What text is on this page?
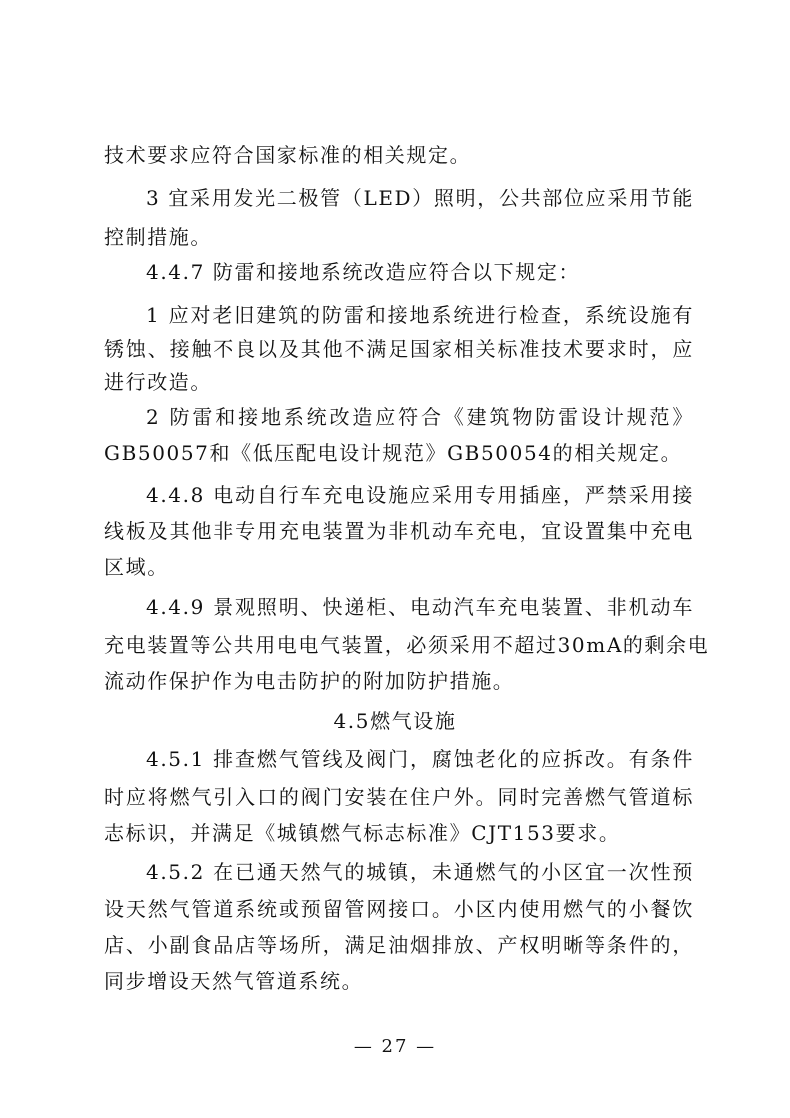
技术要求应符合国家标准的相关规定。
3 宜采用发光二极管（LED）照明，公共部位应采用节能
控制措施。
4.4.7 防雷和接地系统改造应符合以下规定：
1 应对老旧建筑的防雷和接地系统进行检查，系统设施有
锈蚀、接触不良以及其他不满足国家相关标准技术要求时，应
进行改造。
2 防雷和接地系统改造应符合《建筑物防雷设计规范》
GB50057和《低压配电设计规范》GB50054的相关规定。
4.4.8 电动自行车充电设施应采用专用插座，严禁采用接
线板及其他非专用充电装置为非机动车充电，宜设置集中充电
区域。
4.4.9 景观照明、快递柜、电动汽车充电装置、非机动车
充电装置等公共用电电气装置，必须采用不超过30mA的剩余电
流动作保护作为电击防护的附加防护措施。
4.5燃气设施
4.5.1 排查燃气管线及阀门，腐蚀老化的应拆改。有条件
时应将燃气引入口的阀门安装在住户外。同时完善燃气管道标
志标识，并满足《城镇燃气标志标准》CJT153要求。
4.5.2 在已通天然气的城镇，未通燃气的小区宜一次性预
设天然气管道系统或预留管网接口。小区内使用燃气的小餐饮
店、小副食品店等场所，满足油烟排放、产权明晰等条件的，
同步增设天然气管道系统。
— 27 —
